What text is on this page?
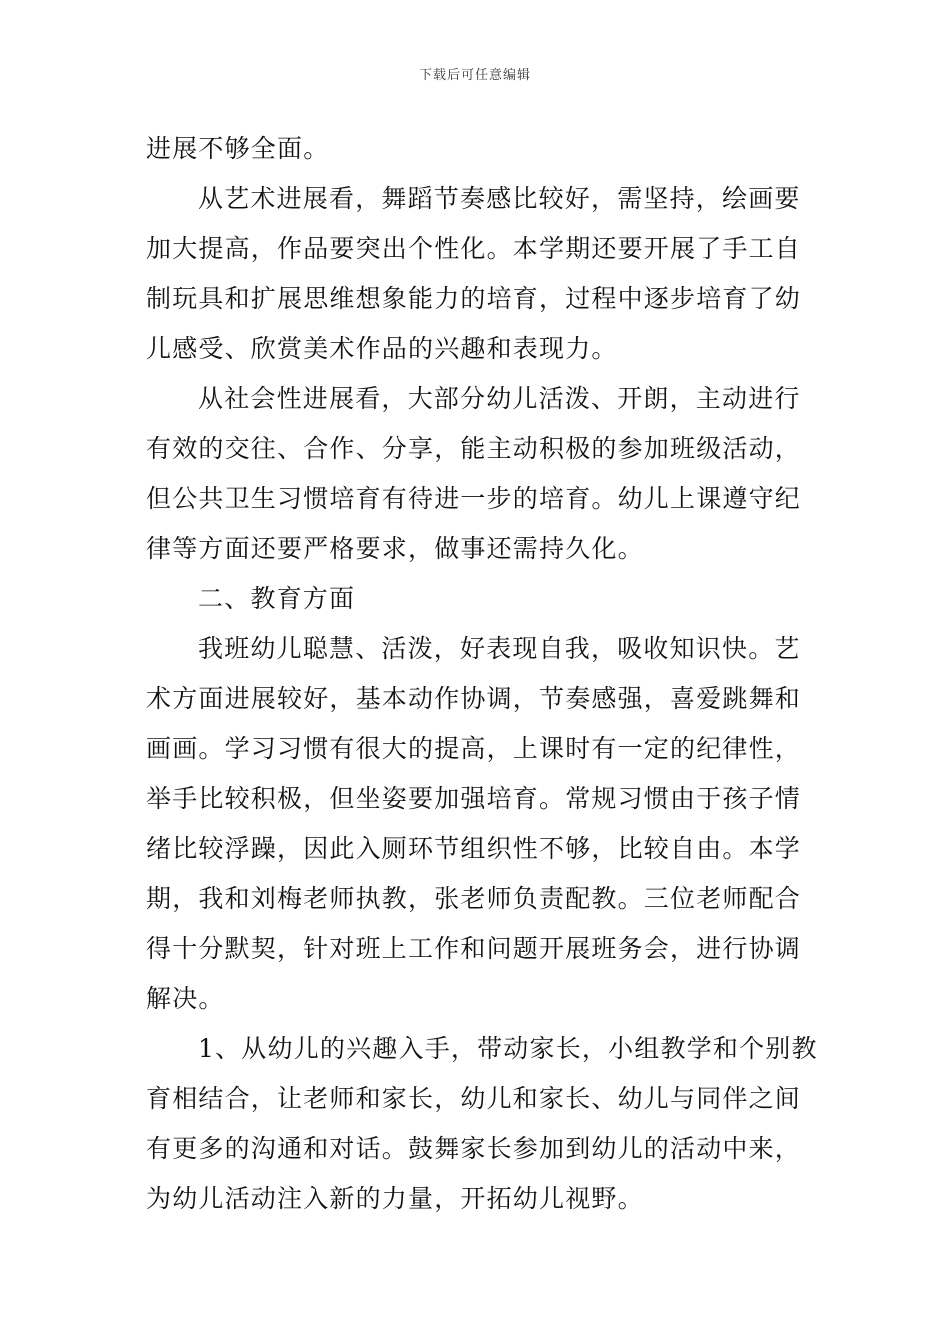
下载后可任意编辑
进展不够全面。
从艺术进展看，舞蹈节奏感比较好，需坚持，绘画要
加大提高，作品要突出个性化。本学期还要开展了手工自
制玩具和扩展思维想象能力的培育，过程中逐步培育了幼
儿感受、欣赏美术作品的兴趣和表现力。
从社会性进展看，大部分幼儿活泼、开朗，主动进行
有效的交往、合作、分享，能主动积极的参加班级活动，
但公共卫生习惯培育有待进一步的培育。幼儿上课遵守纪
律等方面还要严格要求，做事还需持久化。
二、教育方面
我班幼儿聪慧、活泼，好表现自我，吸收知识快。艺
术方面进展较好，基本动作协调，节奏感强，喜爱跳舞和
画画。学习习惯有很大的提高，上课时有一定的纪律性，
举手比较积极，但坐姿要加强培育。常规习惯由于孩子情
绪比较浮躁，因此入厕环节组织性不够，比较自由。本学
期，我和刘梅老师执教，张老师负责配教。三位老师配合
得十分默契，针对班上工作和问题开展班务会，进行协调
解决。
1、从幼儿的兴趣入手，带动家长，小组教学和个别教
育相结合，让老师和家长，幼儿和家长、幼儿与同伴之间
有更多的沟通和对话。鼓舞家长参加到幼儿的活动中来，
为幼儿活动注入新的力量，开拓幼儿视野。
